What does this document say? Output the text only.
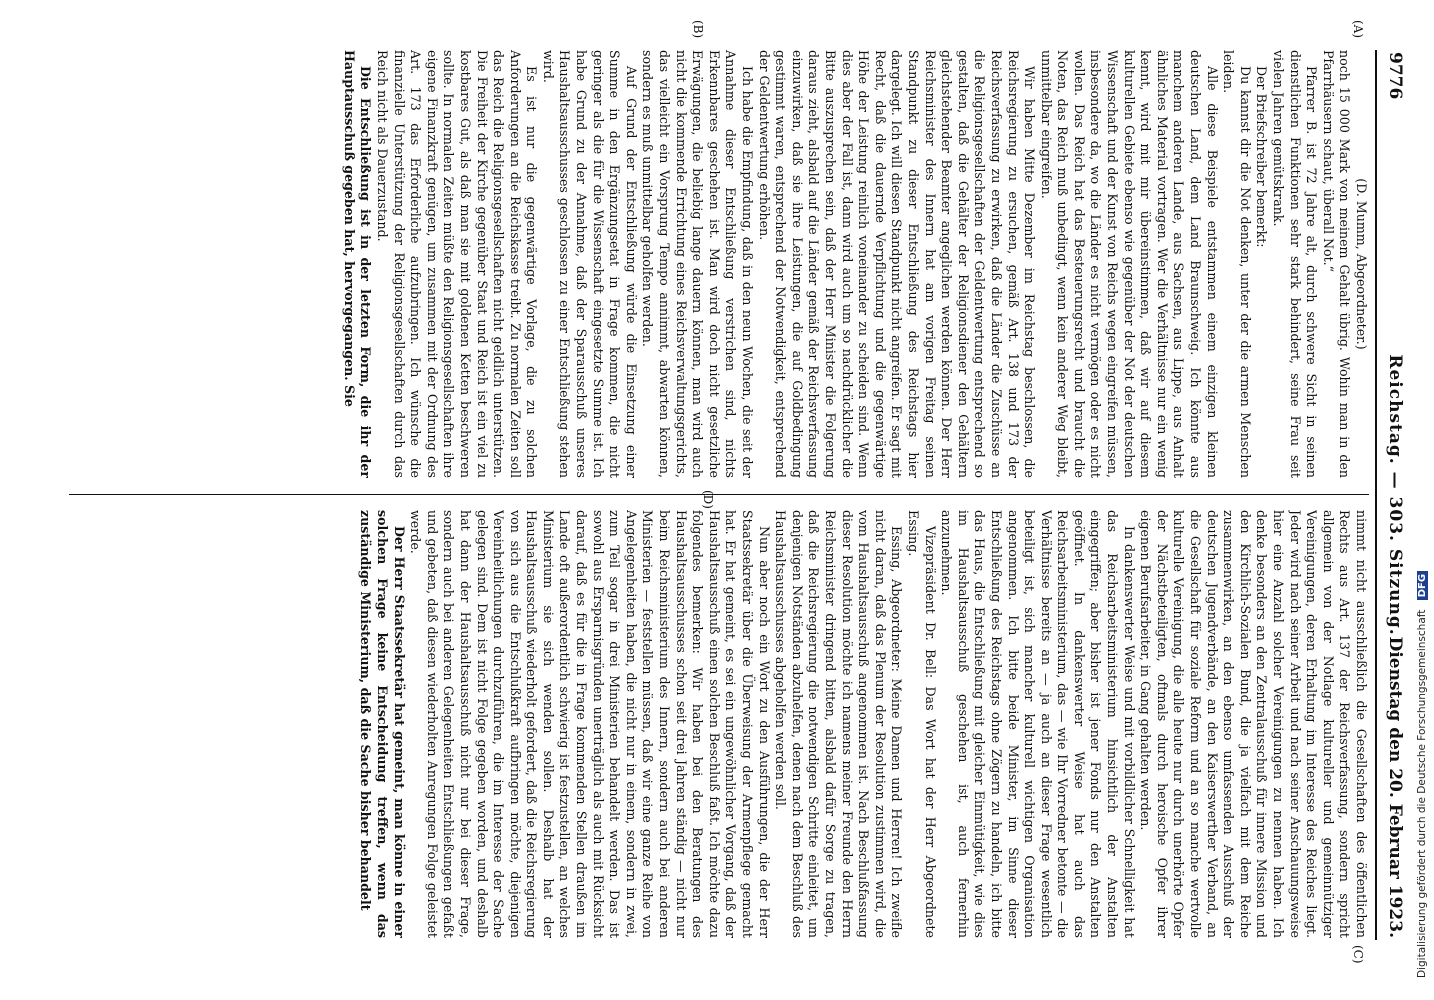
9776
Reichstag. — 303. Sitzung.
Dienstag den 20. Februar 1923.

(D. Mumm, Abgeordneter.)

noch 15 000 Mark von meinem Gehalt übrig. Wohin man in den Pfarrhäusern schaut, überall Not.“

Pfarrer B. ist 72 Jahre alt, durch schwere Sicht in seinen dienstlichen Funktionen sehr stark behindert, seine Frau seit vielen Jahren gemütskrank.

Der Briefschreiber bemerkt:

Du kannst dir die Not denken, unter der die armen Menschen leiden.

Alle diese Beispiele entstammen einem einzigen kleinen deutschen Land, dem Land Braunschweig. Ich könnte aus manchem anderen Lande, aus Sachsen, aus Lippe, aus Anhalt ähnliches Material vortragen. Wer die Verhältnisse nur ein wenig kennt, wird mit mir übereinstimmen, daß wir auf diesem kulturellen Gebiete ebenso wie gegenüber der Not der deutschen Wissenschaft und der Kunst von Reichs wegen eingreifen müssen, insbesondere da, wo die Länder es nicht vermögen oder es nicht wollen. Das Reich hat das Besteuerungsrecht und braucht die Noten, das Reich muß unbedingt, wenn kein anderer Weg bleibt, unmittelbar eingreifen.

Wir haben Mitte Dezember im Reichstag beschlossen, die Reichsregierung zu ersuchen, gemäß Art. 138 und 173 der Reichsverfassung zu erwirken, daß die Länder die Zuschüsse an die Religionsgesellschaften der Geldentwertung entsprechend so gestalten, daß die Gehälter der Religionsdiener den Gehältern gleichstehender Beamter angeglichen werden können. Der Herr Reichsminister des Innern hat am vorigen Freitag seinen Standpunkt zu dieser Entschließung des Reichstags hier dargelegt. Ich will diesen Standpunkt nicht angreifen. Er sagt mit Recht, daß die dauernde Verpflichtung und die gegenwärtige Höhe der Leistung reinlich voneinander zu scheiden sind. Wenn dies aber der Fall ist, dann wird auch um so nachdrücklicher die Bitte auszusprechen sein, daß der Herr Minister die Folgerung daraus zieht, alsbald auf die Länder gemäß der Reichsverfassung einzuwirken, daß sie ihre Leistungen, die auf Goldbedingung gestimmt waren, entsprechend der Notwendigkeit, entsprechend der Geldentwertung erhöhen.

Ich habe die Empfindung, daß in den neun Wochen, die seit der Annahme dieser Entschließung verstrichen sind, nichts Erkennbares geschehen ist. Man wird doch nicht gesetzliche Erwägungen, die beliebig lange dauern können, man wird auch nicht die kommende Errichtung eines Reichsverwaltungsgerichts, das vielleicht ein Vorsprung Tempo annimmt, abwarten können, sondern es muß unmittelbar geholfen werden.

Auf Grund der Entschließung würde die Einsetzung einer Summe in den Ergänzungsetat in Frage kommen, die nicht geringer als die für die Wissenschaft eingesetzte Summe ist. Ich habe Grund zu der Annahme, daß der Sparausschuß unseres Haushaltsausschusses geschlossen zu einer Entschließung stehen wird.

Es ist nur die gegenwärtige Vorlage, die zu solchen Anforderungen an die Reichskasse treibt. Zu normalen Zeiten soll das Reich die Religionsgesellschaften nicht geldlich unterstützen. Die Freiheit der Kirche gegenüber Staat und Reich ist ein viel zu kostbares Gut, als daß man sie mit goldenen Ketten beschweren sollte. In normalen Zeiten müßte den Religionsgesellschaften ihre eigene Finanzkraft genügen, um zusammen mit der Ordnung des Art. 173 das Erforderliche aufzubringen. Ich wünsche die finanzielle Unterstützung der Religionsgesellschaften durch das Reich nicht als Dauerzustand.

Die Entschließung ist in der letzten Form, die ihr der Hauptausschuß gegeben hat, hervorgegangen. Sie

nimmt nicht ausschließlich die Gesellschaften des öffentlichen Rechts aus Art. 137 der Reichsverfassung, sondern spricht allgemein von der Notlage kultureller und gemeinnütziger Vereinigungen, deren Erhaltung im Interesse des Reiches liegt. Jeder wird nach seiner Arbeit und nach seiner Anschauungsweise hier eine Anzahl solcher Vereinigungen zu nennen haben. Ich denke besonders an den Zentralausschuß für innere Mission und den Kirchlich-Sozialen Bund, die ja vielfach mit dem Reiche zusammenwirken, an den ebenso umfassenden Ausschuß der deutschen Jugendverbände, an den Kaiserswerther Verband, an die Gesellschaft für soziale Reform und an so manche wertvolle kulturelle Vereinigung, die alle heute nur durch unerhörte Opfer der Nächstbeteiligten, oftmals durch heroische Opfer ihrer eigenen Berufsarbeiter, in Gang gehalten werden.

In dankenswerter Weise und mit vorbildlicher Schnelligkeit hat das Reichsarbeitsministerium hinsichtlich der Anstalten eingegriffen; aber bisher ist jener Fonds nur den Anstalten geöffnet. In dankenswerter Weise hat auch das Reichsarbeitsministerium, das — wie Ihr Vorredner betonte — die Verhältnisse bereits an — ja auch an dieser Frage wesentlich beteiligt ist, sich mancher kulturell wichtigen Organisation angenommen. Ich bitte beide Minister, im Sinne dieser Entschließung des Reichstags ohne Zögern zu handeln, ich bitte das Haus, die Entschließung mit gleicher Einmütigkeit, wie dies im Haushaltsausschuß geschehen ist, auch fernerhin anzunehmen.

Vizepräsident Dr. Bell: Das Wort hat der Herr Abgeordnete Essing.

Essing, Abgeordneter: Meine Damen und Herren! Ich zweifle nicht daran, daß das Plenum der Resolution zustimmen wird, die vom Haushaltsausschuß angenommen ist. Nach Beschlußfassung dieser Resolution möchte ich namens meiner Freunde den Herrn Reichsminister dringend bitten, alsbald dafür Sorge zu tragen, daß die Reichsregierung die notwendigen Schritte einleitet, um denjenigen Notständen abzuhelfen, denen nach dem Beschluß des Haushaltsausschusses abgeholfen werden soll.

Nun aber noch ein Wort zu den Ausführungen, die der Herr Staatssekretär über die Überweisung der Armenpflege gemacht hat. Er hat gemeint, es sei ein ungewöhnlicher Vorgang, daß der Haushaltsausschuß einen solchen Beschluß faßt. Ich möchte dazu folgendes bemerken: Wir haben bei den Beratungen des Haushaltsausschusses schon seit drei Jahren ständig — nicht nur beim Reichsministerium des Innern, sondern auch bei anderen Ministerien — feststellen müssen, daß wir eine ganze Reihe von Angelegenheiten haben, die nicht nur in einem, sondern in zwei, zum Teil sogar in drei Ministerien behandelt werden. Das ist sowohl aus Ersparnisgründen unerträglich als auch mit Rücksicht darauf, daß es für die in Frage kommenden Stellen draußen im Lande oft außerordentlich schwierig ist festzustellen, an welches Ministerium sie sich wenden sollen. Deshalb hat der Haushaltsausschuß wiederholt gefordert, daß die Reichsregierung von sich aus die Entschlußkraft aufbringen möchte, diejenigen Vereinheitlichungen durchzuführen, die im Interesse der Sache gelegen sind. Dem ist nicht Folge gegeben worden, und deshalb hat dann der Haushaltsausschuß nicht nur bei dieser Frage, sondern auch bei anderen Gelegenheiten Entschließungen gefaßt und gebeten, daß diesen wiederholten Anregungen Folge geleistet werde.

Der Herr Staatssekretär hat gemeint, man könne in einer solchen Frage keine Entscheidung treffen, wenn das zuständige Ministerium, daß die Sache bisher behandelt

(A)
(B)
(C)
(D)
Digitalisierung gefördert durch die Deutsche Forschungsgemeinschaft DFG
